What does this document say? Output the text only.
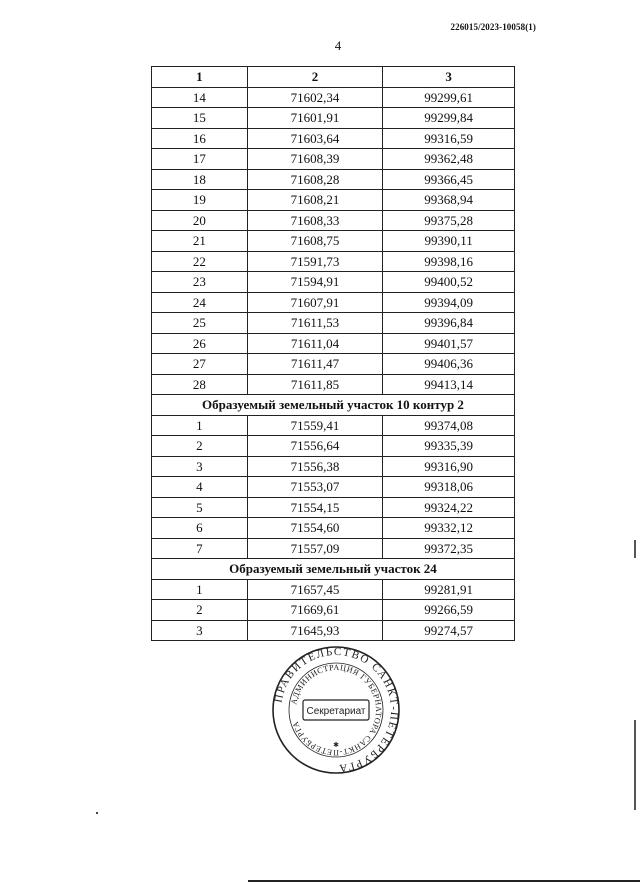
226015/2023-10058(1)
4
1	2	3
14	71602,34	99299,61
15	71601,91	99299,84
16	71603,64	99316,59
17	71608,39	99362,48
18	71608,28	99366,45
19	71608,21	99368,94
20	71608,33	99375,28
21	71608,75	99390,11
22	71591,73	99398,16
23	71594,91	99400,52
24	71607,91	99394,09
25	71611,53	99396,84
26	71611,04	99401,57
27	71611,47	99406,36
28	71611,85	99413,14
Образуемый земельный участок 10 контур 2		
1	71559,41	99374,08
2	71556,64	99335,39
3	71556,38	99316,90
4	71553,07	99318,06
5	71554,15	99324,22
6	71554,60	99332,12
7	71557,09	99372,35
Образуемый земельный участок 24		
1	71657,45	99281,91
2	71669,61	99266,59
3	71645,93	99274,57
ПРАВИТЕЛЬСТВО САНКТ-ПЕТЕРБУРГА
АДМИНИСТРАЦИЯ ГУБЕРНАТОРА САНКТ-ПЕТЕРБУРГА
Секретариат
✱
